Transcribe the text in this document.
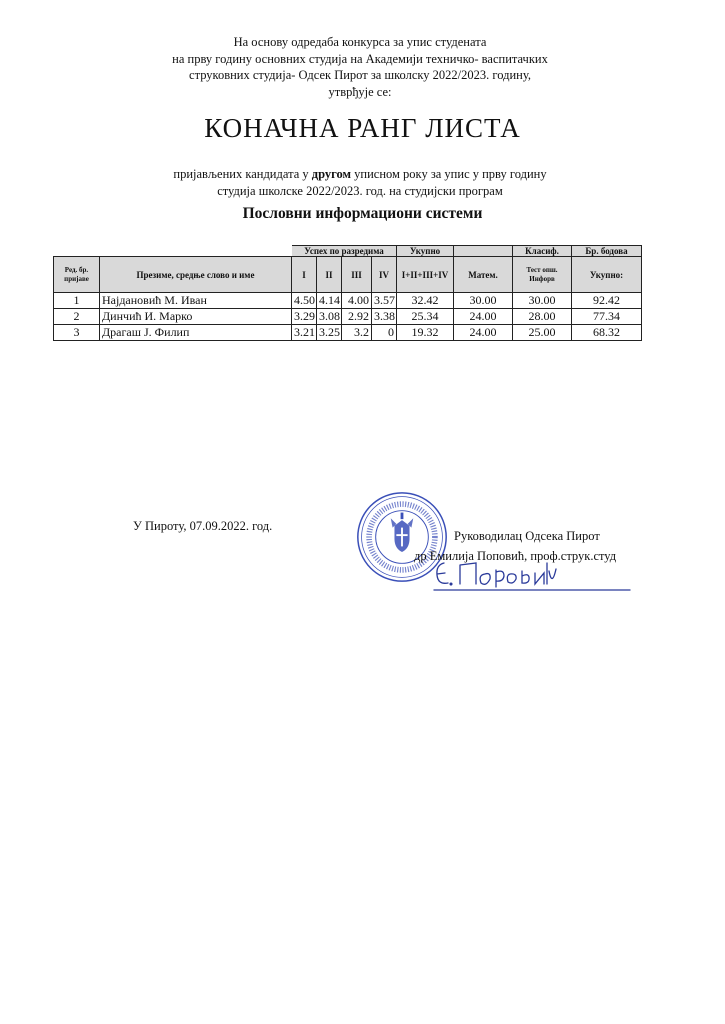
На основу одредаба конкурса за упис студената
на прву годину основних студија на Академији техничко- васпитачких
струковних студија- Одсек Пирот за школску 2022/2023. годину,
утврђује се:
КОНАЧНА РАНГ ЛИСТА
пријављених кандидата у другом уписном року за упис у прву годину
студија школске 2022/2023. год. на студијски програм
Пословни информациони системи
		Успех по разредима				Укупно		Класиф.	Бр. бодова
Ред. бр. пријаве	Презиме, средње слово и име	I	II	III	IV	I+II+III+IV	Матем.	Тест опш. Инфорв	Укупно:
1	Најдановић М. Иван	4.50	4.14	4.00	3.57	32.42	30.00	30.00	92.42
2	Динчић И. Марко	3.29	3.08	2.92	3.38	25.34	24.00	28.00	77.34
3	Драгаш Ј. Филип	3.21	3.25	3.2	0	19.32	24.00	25.00	68.32
У Пироту, 07.09.2022. год.
Руководилац Одсека Пирот
др Емилија Поповић, проф.струк.студ
